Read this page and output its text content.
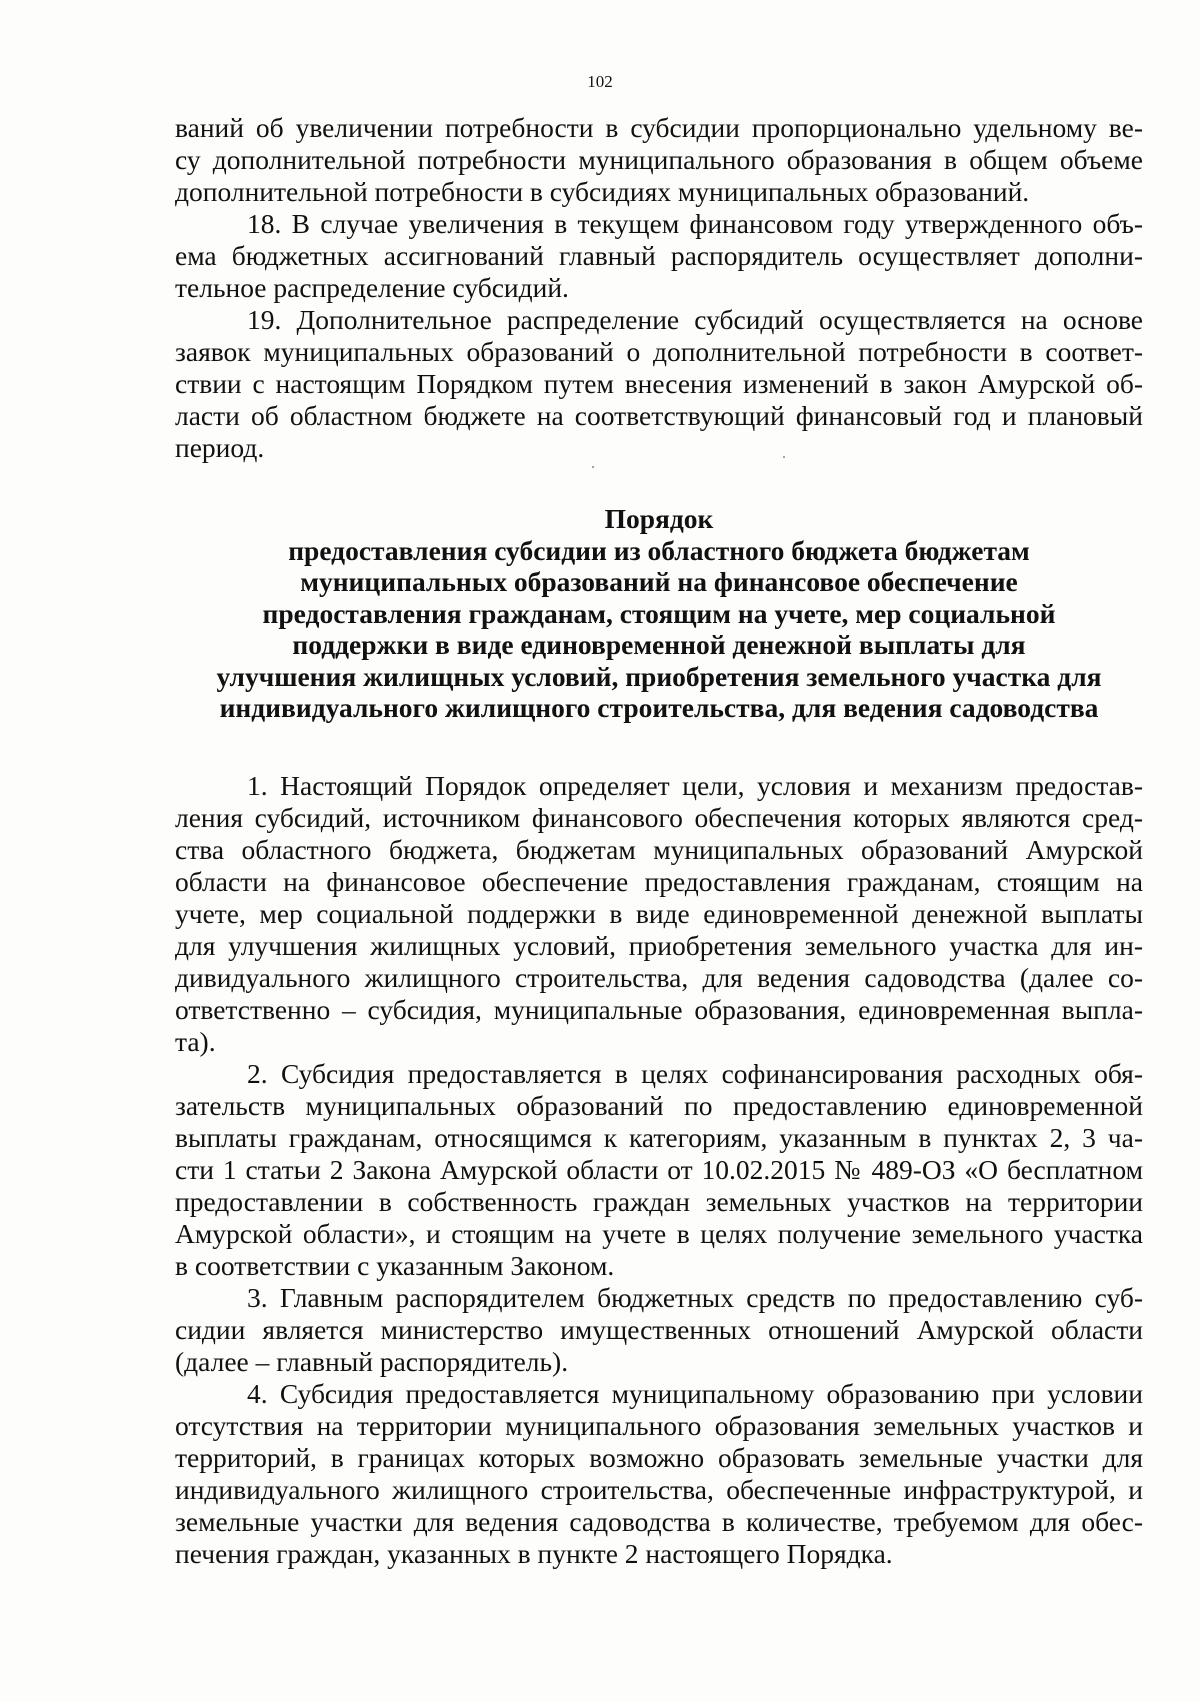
102

ваний об увеличении потребности в субсидии пропорционально удельному ве-
су дополнительной потребности муниципального образования в общем объеме
дополнительной потребности в субсидиях муниципальных образований.

18. В случае увеличения в текущем финансовом году утвержденного объ-
ема бюджетных ассигнований главный распорядитель осуществляет дополни-
тельное распределение субсидий.

19. Дополнительное распределение субсидий осуществляется на основе
заявок муниципальных образований о дополнительной потребности в соответ-
ствии с настоящим Порядком путем внесения изменений в закон Амурской об-
ласти об областном бюджете на соответствующий финансовый год и плановый
период.

Порядок
предоставления субсидии из областного бюджета бюджетам
муниципальных образований на финансовое обеспечение
предоставления гражданам, стоящим на учете, мер социальной
поддержки в виде единовременной денежной выплаты для
улучшения жилищных условий, приобретения земельного участка для
индивидуального жилищного строительства, для ведения садоводства

1. Настоящий Порядок определяет цели, условия и механизм предостав-
ления субсидий, источником финансового обеспечения которых являются сред-
ства областного бюджета, бюджетам муниципальных образований Амурской
области на финансовое обеспечение предоставления гражданам, стоящим на
учете, мер социальной поддержки в виде единовременной денежной выплаты
для улучшения жилищных условий, приобретения земельного участка для ин-
дивидуального жилищного строительства, для ведения садоводства (далее со-
ответственно – субсидия, муниципальные образования, единовременная выпла-
та).

2. Субсидия предоставляется в целях софинансирования расходных обя-
зательств муниципальных образований по предоставлению единовременной
выплаты гражданам, относящимся к категориям, указанным в пунктах 2, 3 ча-
сти 1 статьи 2 Закона Амурской области от 10.02.2015 № 489-ОЗ «О бесплатном
предоставлении в собственность граждан земельных участков на территории
Амурской области», и стоящим на учете в целях получение земельного участка
в соответствии с указанным Законом.

3. Главным распорядителем бюджетных средств по предоставлению суб-
сидии является министерство имущественных отношений Амурской области
(далее – главный распорядитель).

4. Субсидия предоставляется муниципальному образованию при условии
отсутствия на территории муниципального образования земельных участков и
территорий, в границах которых возможно образовать земельные участки для
индивидуального жилищного строительства, обеспеченные инфраструктурой, и
земельные участки для ведения садоводства в количестве, требуемом для обес-
печения граждан, указанных в пункте 2 настоящего Порядка.
